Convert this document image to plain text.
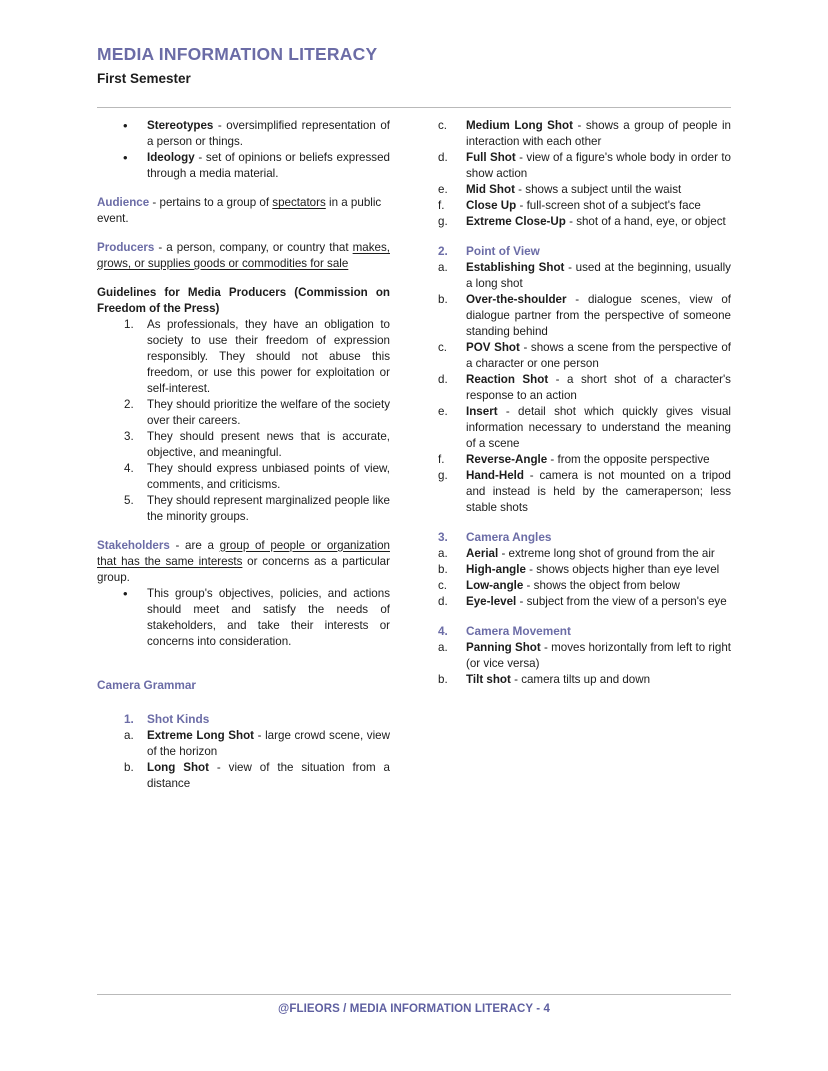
MEDIA INFORMATION LITERACY
First Semester
• Stereotypes - oversimplified representation of a person or things.
• Ideology - set of opinions or beliefs expressed through a media material.

Audience - pertains to a group of spectators in a public event.

Producers - a person, company, or country that makes, grows, or supplies goods or commodities for sale

Guidelines for Media Producers (Commission on Freedom of the Press)

As professionals, they have an obligation to society to use their freedom of expression responsibly. They should not abuse this freedom, or use this power for exploitation or self-interest.
They should prioritize the welfare of the society over their careers.
They should present news that is accurate, objective, and meaningful.
They should express unbiased points of view, comments, and criticisms.
They should represent marginalized people like the minority groups.

Stakeholders - are a group of people or organization that has the same interests or concerns as a particular group.

• This group's objectives, policies, and actions should meet and satisfy the needs of stakeholders, and take their interests or concerns into consideration.

Camera Grammar

1. Shot Kinds
Extreme Long Shot - large crowd scene, view of the horizon
Long Shot - view of the situation from a distance
Medium Long Shot - shows a group of people in interaction with each other
Full Shot - view of a figure's whole body in order to show action
Mid Shot - shows a subject until the waist
Close Up - full-screen shot of a subject's face
Extreme Close-Up - shot of a hand, eye, or object
2. Point of View
Establishing Shot - used at the beginning, usually a long shot
Over-the-shoulder - dialogue scenes, view of dialogue partner from the perspective of someone standing behind
POV Shot - shows a scene from the perspective of a character or one person
Reaction Shot - a short shot of a character's response to an action
Insert - detail shot which quickly gives visual information necessary to understand the meaning of a scene
Reverse-Angle - from the opposite perspective
Hand-Held - camera is not mounted on a tripod and instead is held by the cameraperson; less stable shots
3. Camera Angles
Aerial - extreme long shot of ground from the air
High-angle - shows objects higher than eye level
Low-angle - shows the object from below
Eye-level - subject from the view of a person's eye
4. Camera Movement
Panning Shot - moves horizontally from left to right (or vice versa)
Tilt shot - camera tilts up and down
@FLIEORS / MEDIA INFORMATION LITERACY - 4
